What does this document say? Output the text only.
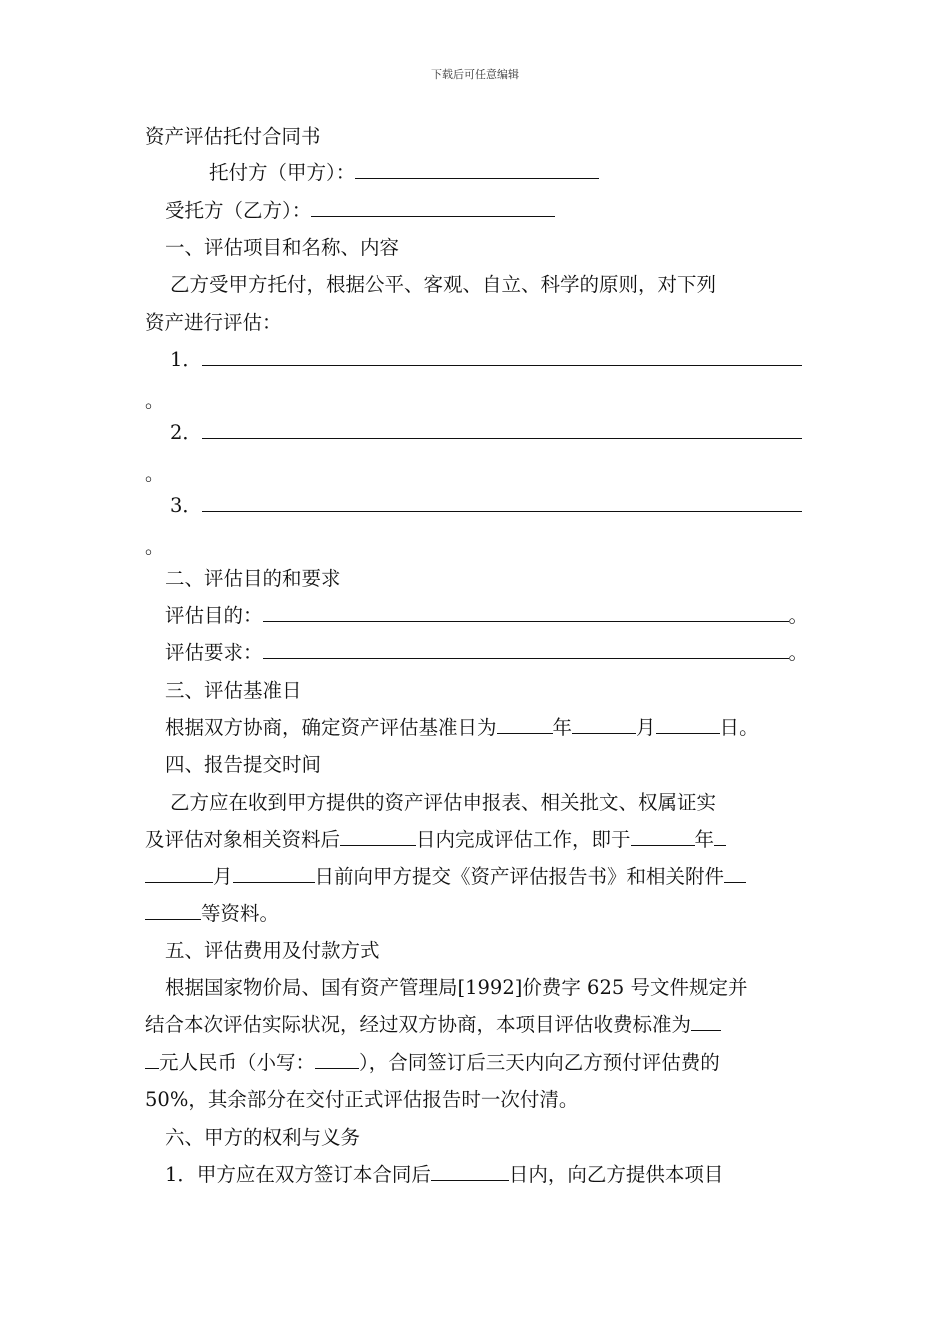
下载后可任意编辑
资产评估托付合同书
托付方（甲方）：
受托方（乙方）：
一、评估项目和名称、内容
乙方受甲方托付，根据公平、客观、自立、科学的原则，对下列
资产进行评估：
1．
。
2．
。
3．
。
二、评估目的和要求
评估目的：	。
评估要求：	。
三、评估基准日
根据双方协商，确定资产评估基准日为	年	月	日。
四、报告提交时间
乙方应在收到甲方提供的资产评估申报表、相关批文、权属证实
及评估对象相关资料后	日内完成评估工作，即于	年
月	日前向甲方提交《资产评估报告书》和相关附件
等资料。
五、评估费用及付款方式
根据国家物价局、国有资产管理局[1992]价费字 625 号文件规定并
结合本次评估实际状况，经过双方协商，本项目评估收费标准为
元人民币（小写： ），合同签订后三天内向乙方预付评估费的
50%，其余部分在交付正式评估报告时一次付清。
六、甲方的权利与义务
1．甲方应在双方签订本合同后	日内，向乙方提供本项目
